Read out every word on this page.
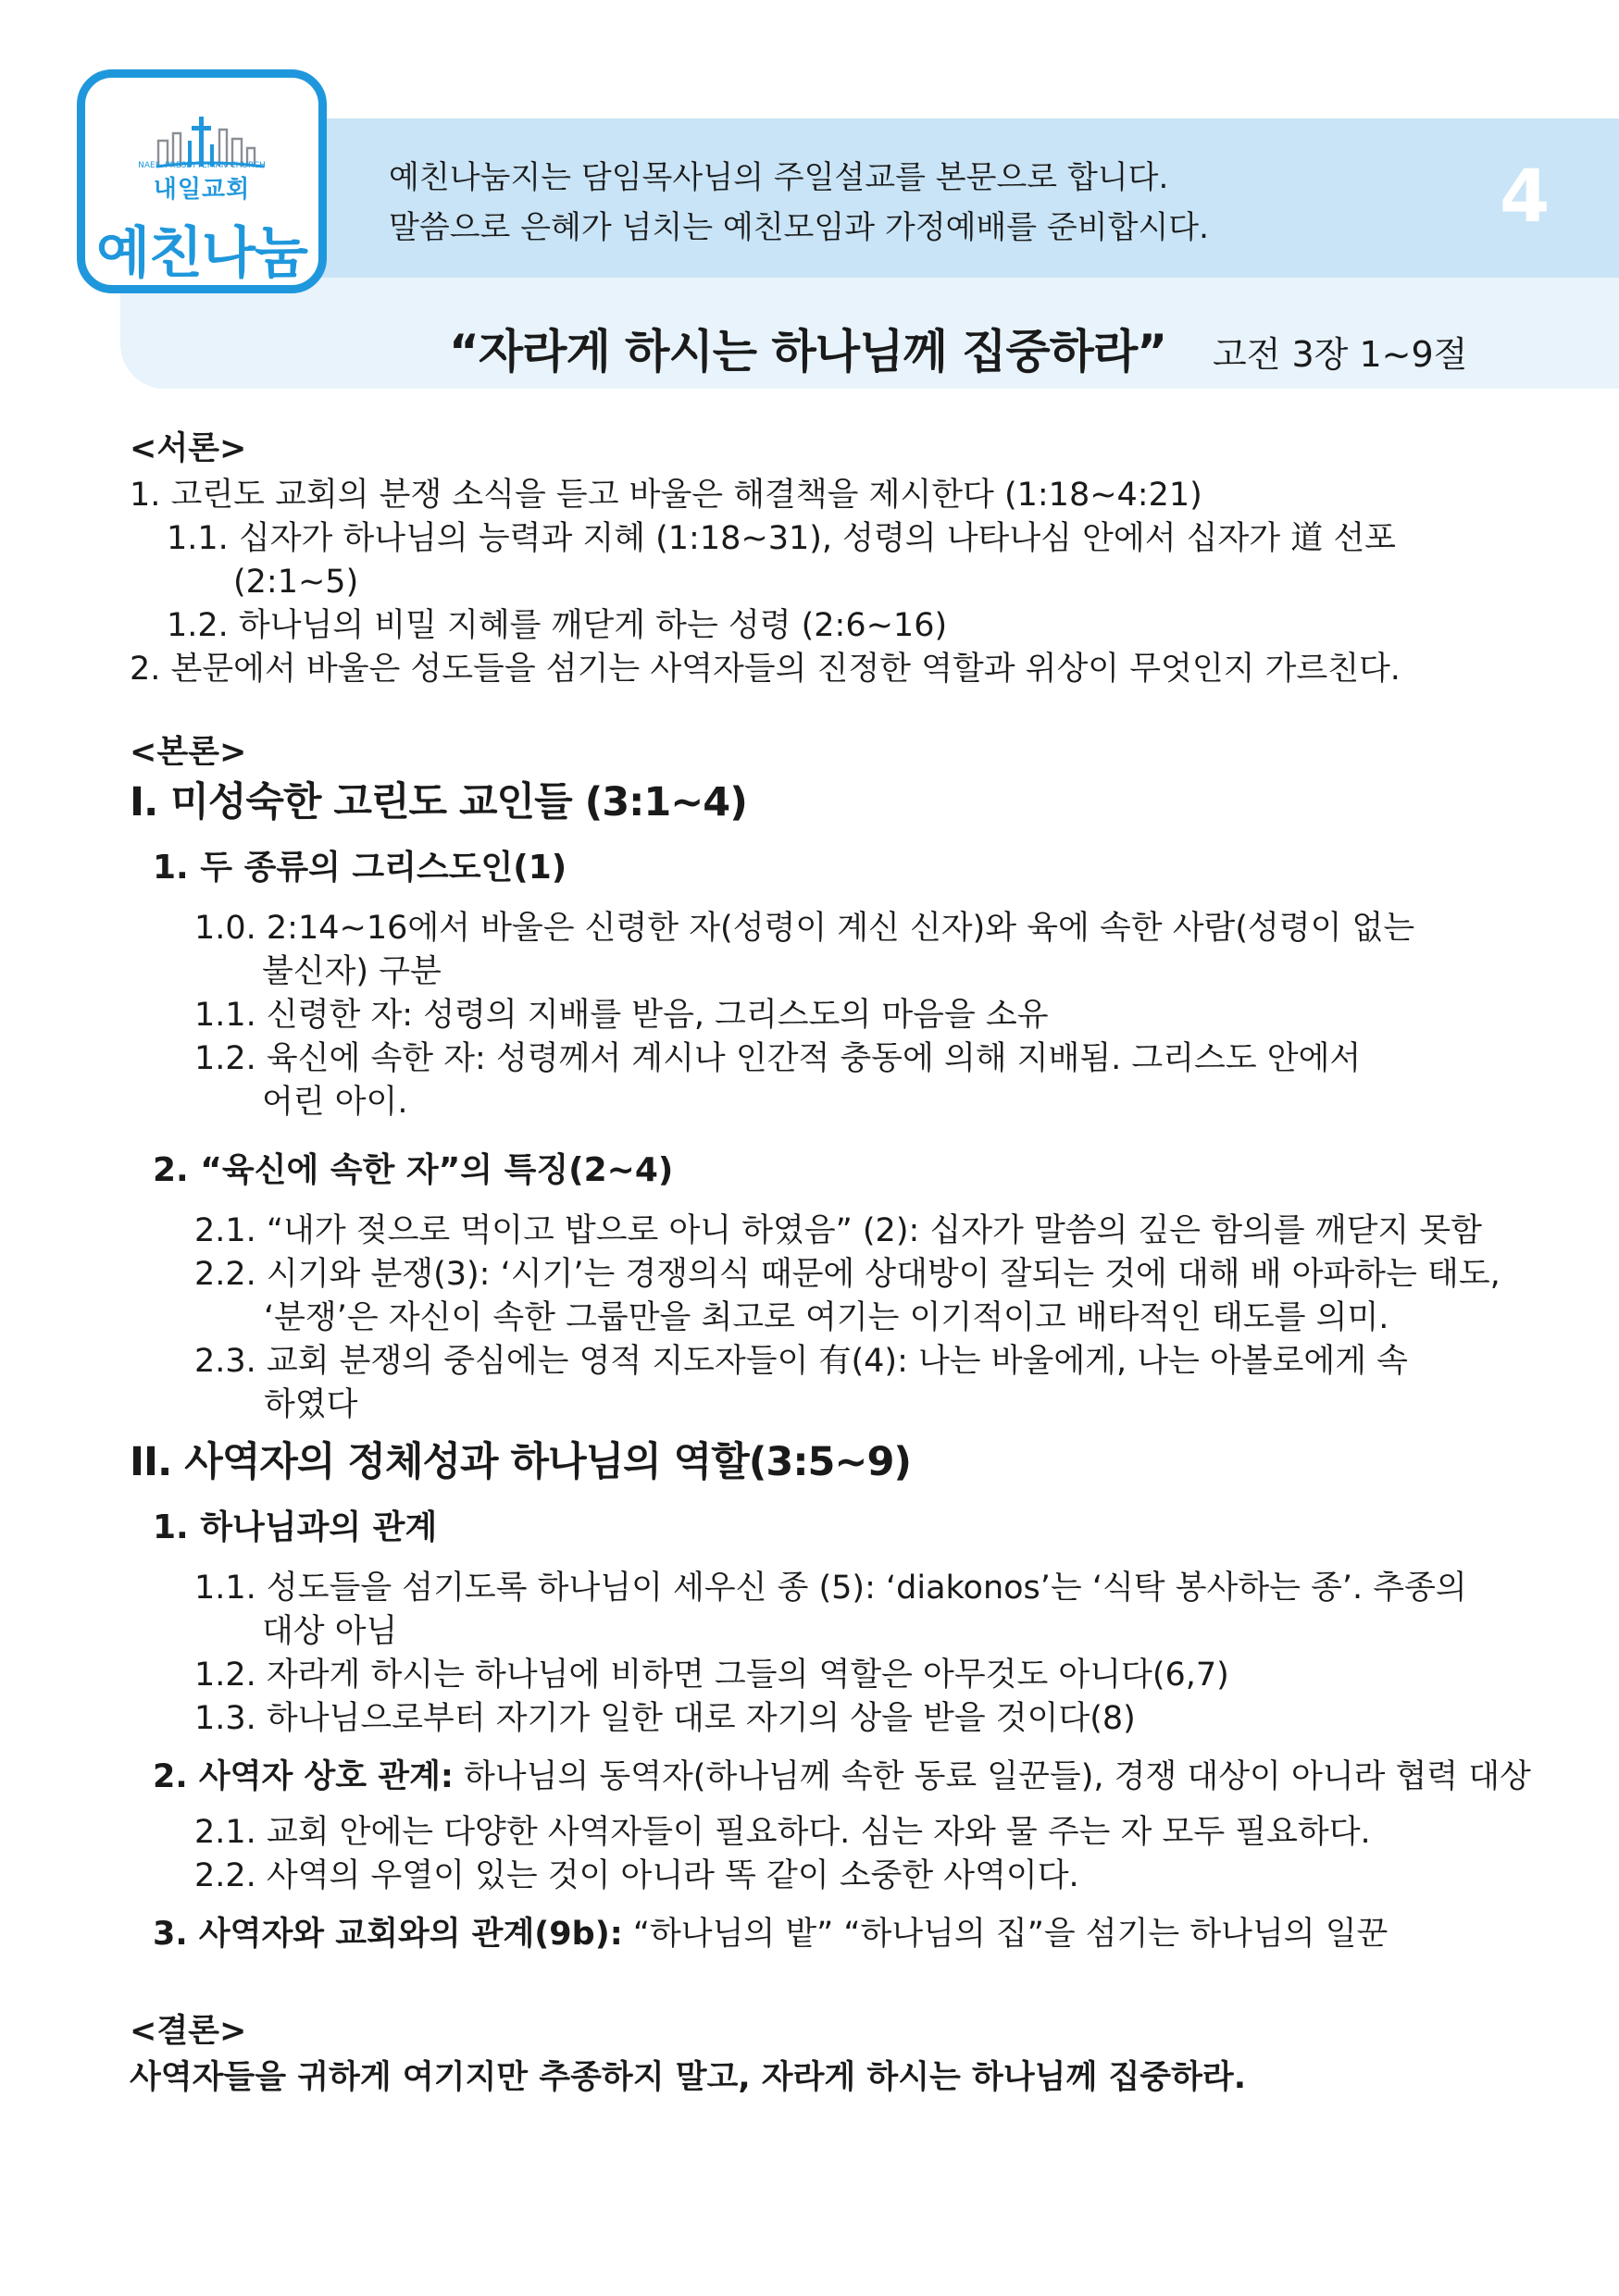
NAEIL PRESBYTERIAN CHURCH
내일교회
예친나눔
예친나눔지는 담임목사님의 주일설교를 본문으로 합니다.
말씀으로 은혜가 넘치는 예친모임과 가정예배를 준비합시다.	4
“자라게 하시는 하나님께 집중하라” 고전 3장 1~9절
<서론>
1. 고린도 교회의 분쟁 소식을 듣고 바울은 해결책을 제시한다 (1:18~4:21)
1.1. 십자가 하나님의 능력과 지혜 (1:18~31), 성령의 나타나심 안에서 십자가 道 선포
(2:1~5)
1.2. 하나님의 비밀 지혜를 깨닫게 하는 성령 (2:6~16)
2. 본문에서 바울은 성도들을 섬기는 사역자들의 진정한 역할과 위상이 무엇인지 가르친다.
<본론>
I. 미성숙한 고린도 교인들 (3:1~4)
1. 두 종류의 그리스도인(1)
1.0. 2:14~16에서 바울은 신령한 자(성령이 계신 신자)와 육에 속한 사람(성령이 없는
불신자) 구분
1.1. 신령한 자: 성령의 지배를 받음, 그리스도의 마음을 소유
1.2. 육신에 속한 자: 성령께서 계시나 인간적 충동에 의해 지배됨. 그리스도 안에서
어린 아이.
2. “육신에 속한 자”의 특징(2~4)
2.1. “내가 젖으로 먹이고 밥으로 아니 하였음” (2): 십자가 말씀의 깊은 함의를 깨닫지 못함
2.2. 시기와 분쟁(3): ‘시기’는 경쟁의식 때문에 상대방이 잘되는 것에 대해 배 아파하는 태도,
‘분쟁’은 자신이 속한 그룹만을 최고로 여기는 이기적이고 배타적인 태도를 의미.
2.3. 교회 분쟁의 중심에는 영적 지도자들이 有(4): 나는 바울에게, 나는 아볼로에게 속
하였다
II. 사역자의 정체성과 하나님의 역할(3:5~9)
1. 하나님과의 관계
1.1. 성도들을 섬기도록 하나님이 세우신 종 (5): ‘diakonos’는 ‘식탁 봉사하는 종’. 추종의
대상 아님
1.2. 자라게 하시는 하나님에 비하면 그들의 역할은 아무것도 아니다(6,7)
1.3. 하나님으로부터 자기가 일한 대로 자기의 상을 받을 것이다(8)
2. 사역자 상호 관계: 하나님의 동역자(하나님께 속한 동료 일꾼들), 경쟁 대상이 아니라 협력 대상
2.1. 교회 안에는 다양한 사역자들이 필요하다. 심는 자와 물 주는 자 모두 필요하다.
2.2. 사역의 우열이 있는 것이 아니라 똑 같이 소중한 사역이다.
3. 사역자와 교회와의 관계(9b): “하나님의 밭” “하나님의 집”을 섬기는 하나님의 일꾼
<결론>
사역자들을 귀하게 여기지만 추종하지 말고, 자라게 하시는 하나님께 집중하라.
